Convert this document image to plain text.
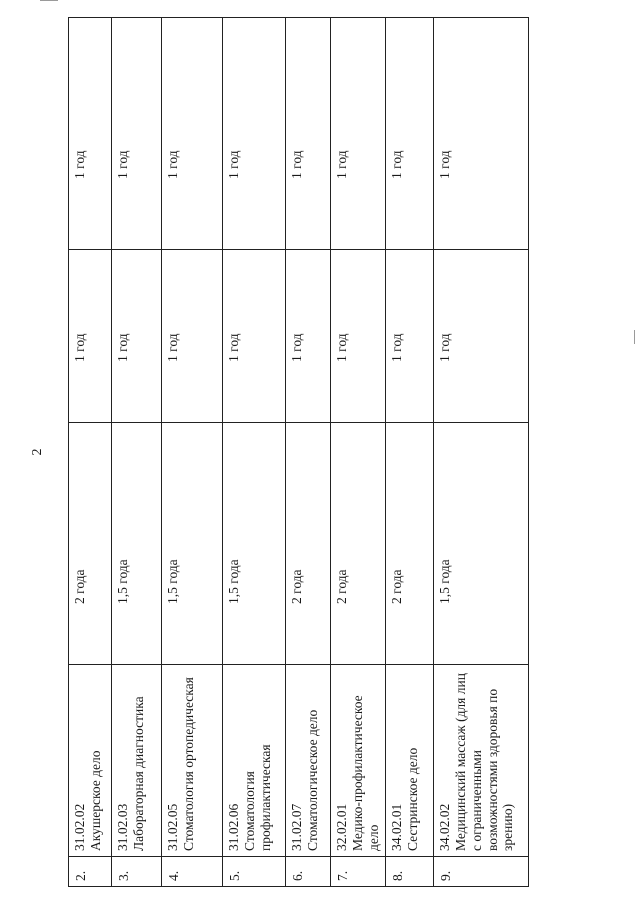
2
2.	31.02.02 Акушерское дело	2 года	1 год	1 год
3.	31.02.03 Лабораторная диагностика	1,5 года	1 год	1 год
4.	31.02.05 Стоматология ортопедическая	1,5 года	1 год	1 год
5.	31.02.06 Стоматология профилактическая	1,5 года	1 год	1 год
6.	31.02.07 Стоматологическое дело	2 года	1 год	1 год
7.	32.02.01 Медико-профилактическое дело	2 года	1 год	1 год
8.	34.02.01 Сестринское дело	2 года	1 год	1 год
9.	34.02.02 Медицинский массаж (для лиц с ограниченными возможностями здоровья по зрению)	1,5 года	1 год	1 год
